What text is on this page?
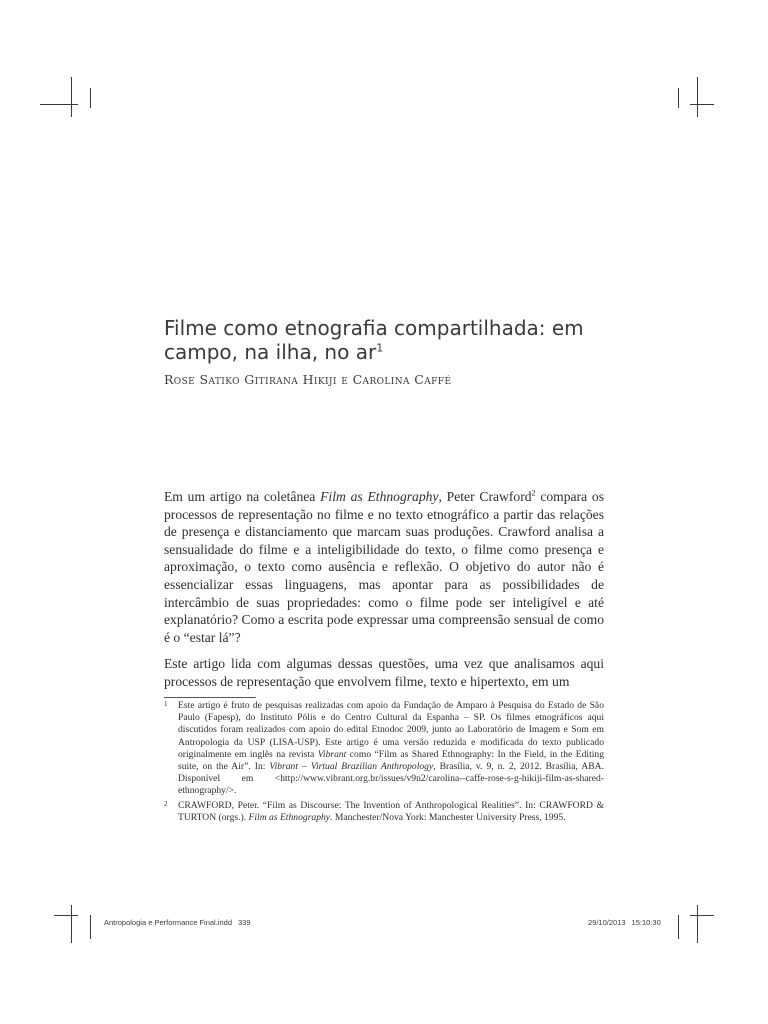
Filme como etnografia compartilhada: em campo, na ilha, no $ar^1$
Rose Satiko Gitirana Hikiji e Carolina Caffé

Em um artigo na coletânea Film as Ethnography, Peter Crawford$^2$ compara os processos de representação no filme e no texto etnográfico a partir das relações de presença e distanciamento que marcam suas produções. Crawford analisa a sensualidade do filme e a inteligibilidade do texto, o filme como presença e aproximação, o texto como ausência e reflexão. O objetivo do autor não é essencializar essas linguagens, mas apontar para as possibilidades de intercâmbio de suas propriedades: como o filme pode ser inteligível e até explanatório? Como a escrita pode expressar uma compreensão sensual de como é o “estar lá”?

Este artigo lida com algumas dessas questões, uma vez que analisamos aqui processos de representação que envolvem filme, texto e hipertexto, em um

1 Este artigo é fruto de pesquisas realizadas com apoio da Fundação de Amparo à Pesquisa do Estado de São Paulo (Fapesp), do Instituto Pólis e do Centro Cultural da Espanha – SP. Os filmes etnográficos aqui discutidos foram realizados com apoio do edital Etnodoc 2009, junto ao Laboratório de Imagem e Som em Antropologia da USP (LISA-USP). Este artigo é uma versão reduzida e modificada do texto publicado originalmente em inglês na revista Vibrant como “Film as Shared Ethnography: In the Field, in the Editing suite, on the Air”. In: Vibrant – Virtual Brazilian Anthropology, Brasília, v. 9, n. 2, 2012. Brasília, ABA. Disponível em <http://www.vibrant.org.br/issues/v9n2/carolina--caffe-rose-s-g-hikiji-film-as-shared-ethnography/>.
2 CRAWFORD, Peter. “Film as Discourse: The Invention of Anthropological Realities”. In: CRAWFORD & TURTON (orgs.). Film as Ethnography. Manchester/Nova York: Manchester University Press, 1995.
Antropologia e Performance Final.indd 339	29/10/2013 15:10:30
